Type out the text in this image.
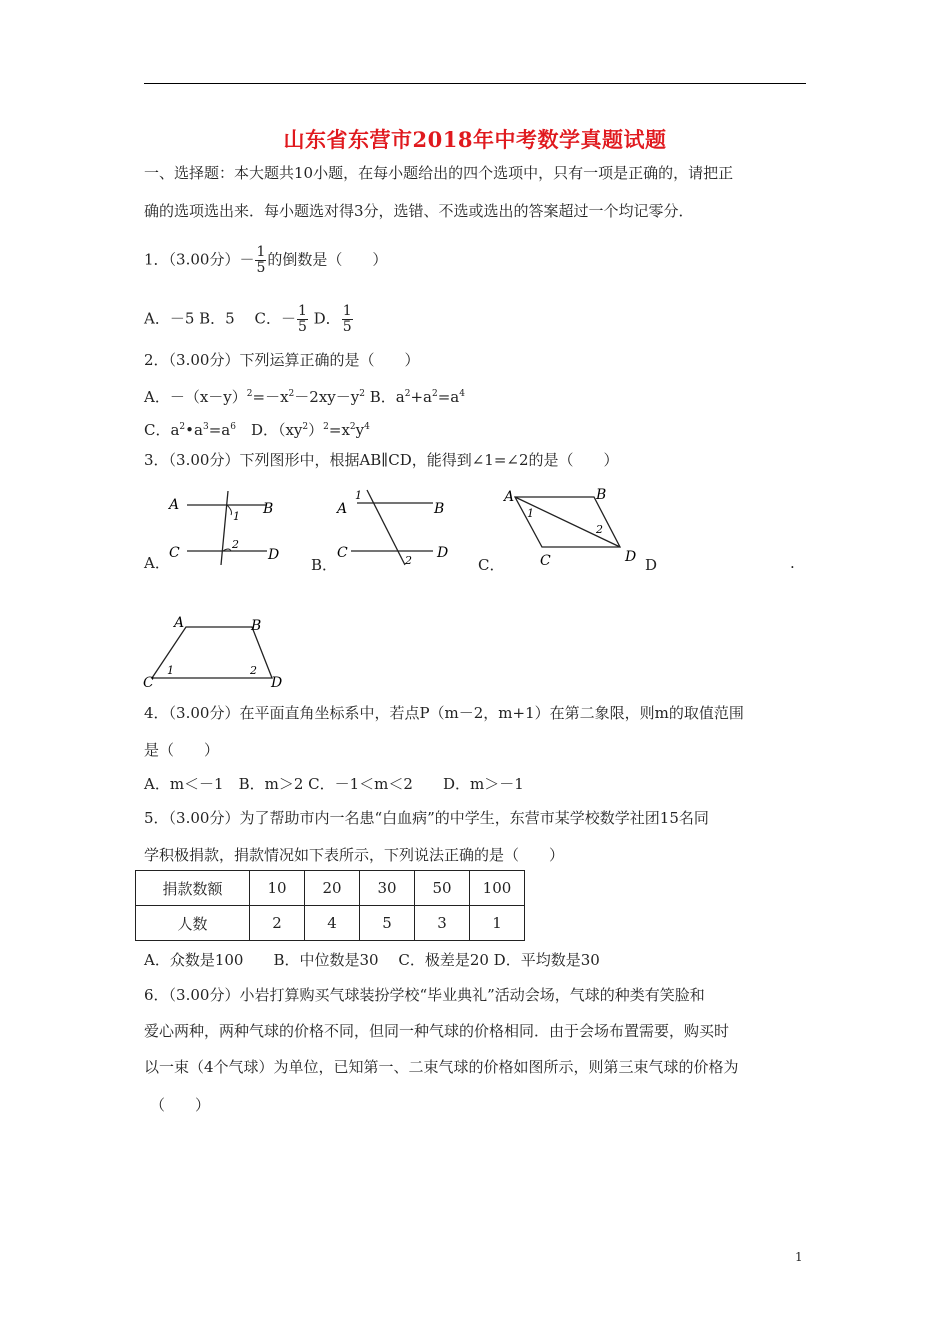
山东省东营市2018年中考数学真题试题
一、选择题：本大题共10小题，在每小题给出的四个选项中，只有一项是正确的，请把正
确的选项选出来．每小题选对得3分，选错、不选或选出的答案超过一个均记零分．
1．（3.00分）－ $\frac{1}{5}$ 的倒数是（　　）
A．－5 B．5　 C．－ $\frac{1}{5}$ D． $\frac{1}{5}$
2．（3.00分）下列运算正确的是（　　）
A．$-(x-y)^2=-x^2-2xy-y^2$ B．$a^2+a^2=a^4$
C．$a^2•a^3=a^6$　D．$(xy^2)^2=x^2y^4$
3．（3.00分）下列图形中，根据AB∥CD，能得到∠1=∠2的是（　　）
A．
A	B
C	D
1
2
B．
1
A	B
C	D
2	C．
A	B
C	D
1
2
D	.
A	B
C	D
1	2
4．（3.00分）在平面直角坐标系中，若点P（m－2，m+1）在第二象限，则m的取值范围
是（　　）
A．m＜－1　B．m＞2 C．－1＜m＜2　　D．m＞－1
5．（3.00分）为了帮助市内一名患“白血病”的中学生，东营市某学校数学社团15名同
学积极捐款，捐款情况如下表所示，下列说法正确的是（　　）
捐款数额	10	20	30	50	100
人数	2	4	5	3	1
A．众数是100　　B．中位数是30　 C．极差是20 D．平均数是30
6．（3.00分）小岩打算购买气球装扮学校“毕业典礼”活动会场，气球的种类有笑脸和
爱心两种，两种气球的价格不同，但同一种气球的价格相同．由于会场布置需要，购买时
以一束（4个气球）为单位，已知第一、二束气球的价格如图所示，则第三束气球的价格为
（　　）
1
